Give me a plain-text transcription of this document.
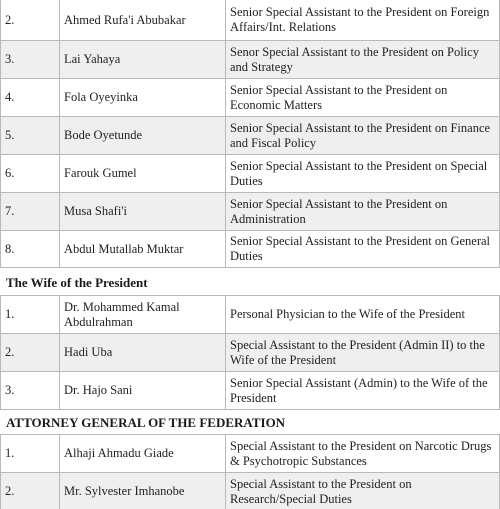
2.	Ahmed Rufa'i Abubakar	Senior Special Assistant to the President on Foreign Affairs/Int. Relations
3.	Lai Yahaya	Senor Special Assistant to the President on Policy and Strategy
4.	Fola Oyeyinka	Senior Special Assistant to the President on Economic Matters
5.	Bode Oyetunde	Senior Special Assistant to the President on Finance and Fiscal Policy
6.	Farouk Gumel	Senior Special Assistant to the President on Special Duties
7.	Musa Shafi'i	Senior Special Assistant to the President on Administration
8.	Abdul Mutallab Muktar	Senior Special Assistant to the President on General Duties
The Wife of the President
1.	Dr. Mohammed Kamal Abdulrahman	Personal Physician to the Wife of the President
2.	Hadi Uba	Special Assistant to the President (Admin II) to the Wife of the President
3.	Dr. Hajo Sani	Senior Special Assistant (Admin) to the Wife of the President
ATTORNEY GENERAL OF THE FEDERATION
1.	Alhaji Ahmadu Giade	Special Assistant to the President on Narcotic Drugs & Psychotropic Substances
2.	Mr. Sylvester Imhanobe	Special Assistant to the President on Research/Special Duties
